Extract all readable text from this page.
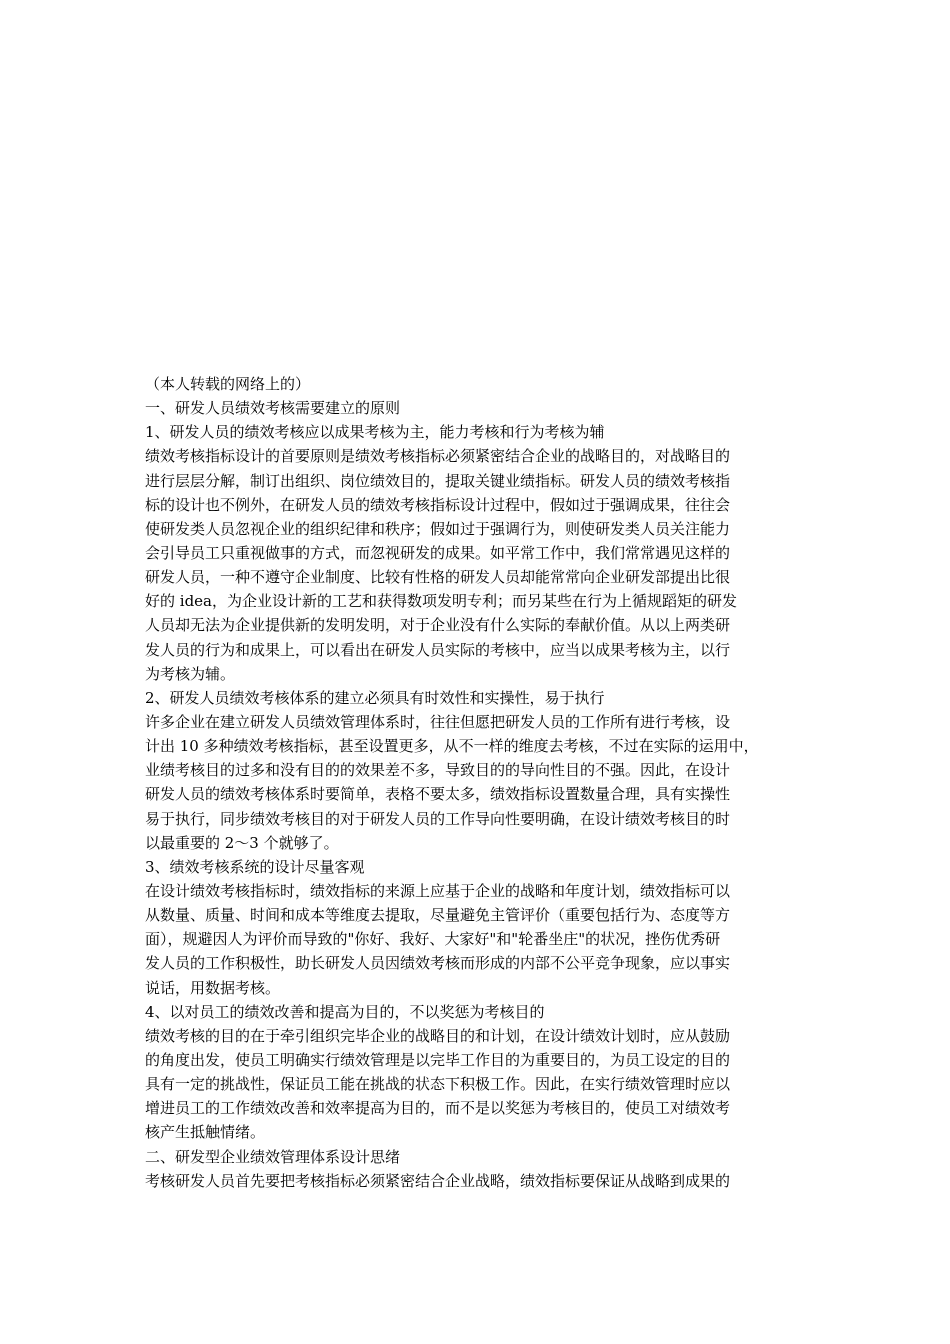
（本人转载的网络上的）
一、研发人员绩效考核需要建立的原则
1、研发人员的绩效考核应以成果考核为主，能力考核和行为考核为辅
绩效考核指标设计的首要原则是绩效考核指标必须紧密结合企业的战略目的，对战略目的
进行层层分解，制订出组织、岗位绩效目的，提取关键业绩指标。研发人员的绩效考核指
标的设计也不例外，在研发人员的绩效考核指标设计过程中，假如过于强调成果，往往会
使研发类人员忽视企业的组织纪律和秩序；假如过于强调行为，则使研发类人员关注能力
会引导员工只重视做事的方式，而忽视研发的成果。如平常工作中，我们常常遇见这样的
研发人员，一种不遵守企业制度、比较有性格的研发人员却能常常向企业研发部提出比很
好的 idea，为企业设计新的工艺和获得数项发明专利；而另某些在行为上循规蹈矩的研发
人员却无法为企业提供新的发明发明，对于企业没有什么实际的奉献价值。从以上两类研
发人员的行为和成果上，可以看出在研发人员实际的考核中，应当以成果考核为主，以行
为考核为辅。
2、研发人员绩效考核体系的建立必须具有时效性和实操性，易于执行
许多企业在建立研发人员绩效管理体系时，往往但愿把研发人员的工作所有进行考核，设
计出 10 多种绩效考核指标，甚至设置更多，从不一样的维度去考核，不过在实际的运用中，
业绩考核目的过多和没有目的的效果差不多，导致目的的导向性目的不强。因此，在设计
研发人员的绩效考核体系时要简单，表格不要太多，绩效指标设置数量合理，具有实操性
易于执行，同步绩效考核目的对于研发人员的工作导向性要明确，在设计绩效考核目的时
以最重要的 2～3 个就够了。
3、绩效考核系统的设计尽量客观
在设计绩效考核指标时，绩效指标的来源上应基于企业的战略和年度计划，绩效指标可以
从数量、质量、时间和成本等维度去提取，尽量避免主管评价（重要包括行为、态度等方
面），规避因人为评价而导致的"你好、我好、大家好"和"轮番坐庄"的状况，挫伤优秀研
发人员的工作积极性，助长研发人员因绩效考核而形成的内部不公平竞争现象，应以事实
说话，用数据考核。
4、以对员工的绩效改善和提高为目的，不以奖惩为考核目的
绩效考核的目的在于牵引组织完毕企业的战略目的和计划，在设计绩效计划时，应从鼓励
的角度出发，使员工明确实行绩效管理是以完毕工作目的为重要目的，为员工设定的目的
具有一定的挑战性，保证员工能在挑战的状态下积极工作。因此，在实行绩效管理时应以
增进员工的工作绩效改善和效率提高为目的，而不是以奖惩为考核目的，使员工对绩效考
核产生抵触情绪。
二、研发型企业绩效管理体系设计思绪
考核研发人员首先要把考核指标必须紧密结合企业战略，绩效指标要保证从战略到成果的
